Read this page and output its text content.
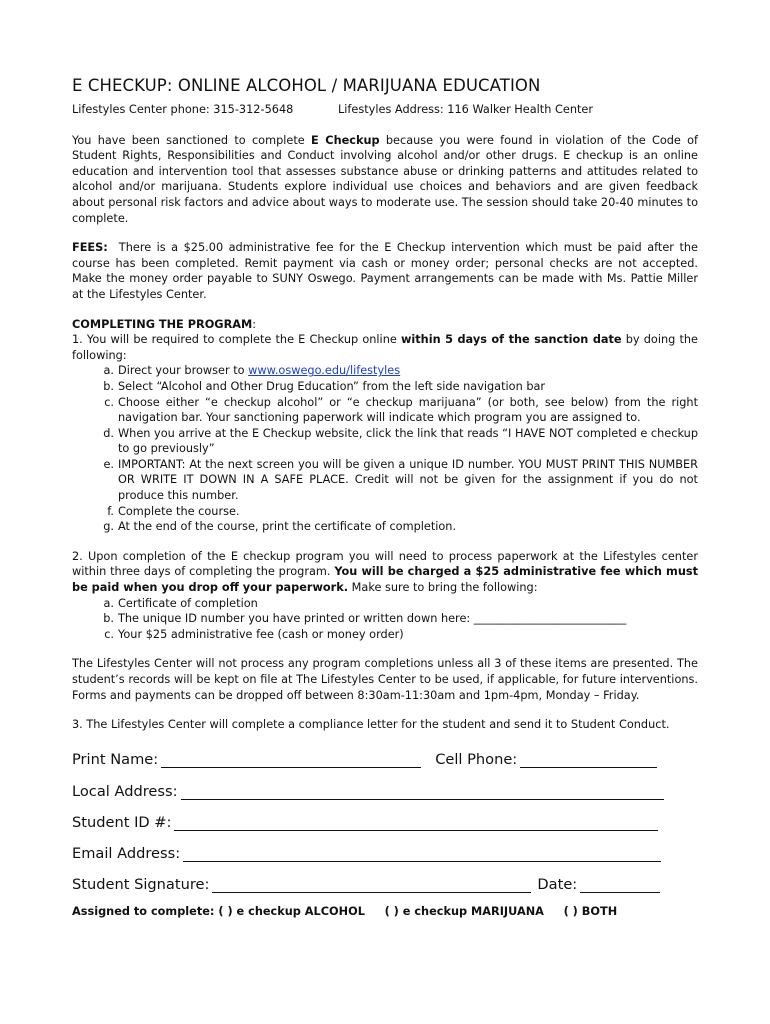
E CHECKUP: ONLINE ALCOHOL / MARIJUANA EDUCATION
Lifestyles Center phone: 315-312-5648	Lifestyles Address: 116 Walker Health Center

You have been sanctioned to complete E Checkup because you were found in violation of the Code of Student Rights, Responsibilities and Conduct involving alcohol and/or other drugs. E checkup is an online education and intervention tool that assesses substance abuse or drinking patterns and attitudes related to alcohol and/or marijuana. Students explore individual use choices and behaviors and are given feedback about personal risk factors and advice about ways to moderate use. The session should take 20-40 minutes to complete.

FEES:  There is a $25.00 administrative fee for the E Checkup intervention which must be paid after the course has been completed. Remit payment via cash or money order; personal checks are not accepted.  Make the money order payable to SUNY Oswego. Payment arrangements can be made with Ms. Pattie Miller at the Lifestyles Center.

COMPLETING THE PROGRAM:
1. You will be required to complete the E Checkup online within 5 days of the sanction date by doing the following:
a. Direct your browser to www.oswego.edu/lifestyles
b. Select “Alcohol and Other Drug Education” from the left side navigation bar
c. Choose either “e checkup alcohol” or “e checkup marijuana” (or both, see below) from the right navigation bar. Your sanctioning paperwork will indicate which program you are assigned to.
d. When you arrive at the E Checkup website, click the link that reads “I HAVE NOT completed e checkup to go previously”
e. IMPORTANT: At the next screen you will be given a unique ID number. YOU MUST PRINT THIS NUMBER OR WRITE IT DOWN IN A SAFE PLACE. Credit will not be given for the assignment if you do not produce this number.
f. Complete the course.
g. At the end of the course, print the certificate of completion.
2. Upon completion of the E checkup program you will need to process paperwork at the Lifestyles center within three days of completing the program. You will be charged a $25 administrative fee which must be paid when you drop off your paperwork. Make sure to bring the following:
a. Certificate of completion
b. The unique ID number you have printed or written down here: ___________________________
c. Your $25 administrative fee (cash or money order)

The Lifestyles Center will not process any program completions unless all 3 of these items are presented. The student’s records will be kept on file at The Lifestyles Center to be used, if applicable, for future interventions. Forms and payments can be dropped off between 8:30am-11:30am and 1pm-4pm, Monday – Friday.

3. The Lifestyles Center will complete a compliance letter for the student and send it to Student Conduct.

Print Name:	Cell Phone:
Local Address:
Student ID #:
Email Address:
Student Signature:	Date:
Assigned to complete: ( ) e checkup ALCOHOL ( ) e checkup MARIJUANA ( ) BOTH
